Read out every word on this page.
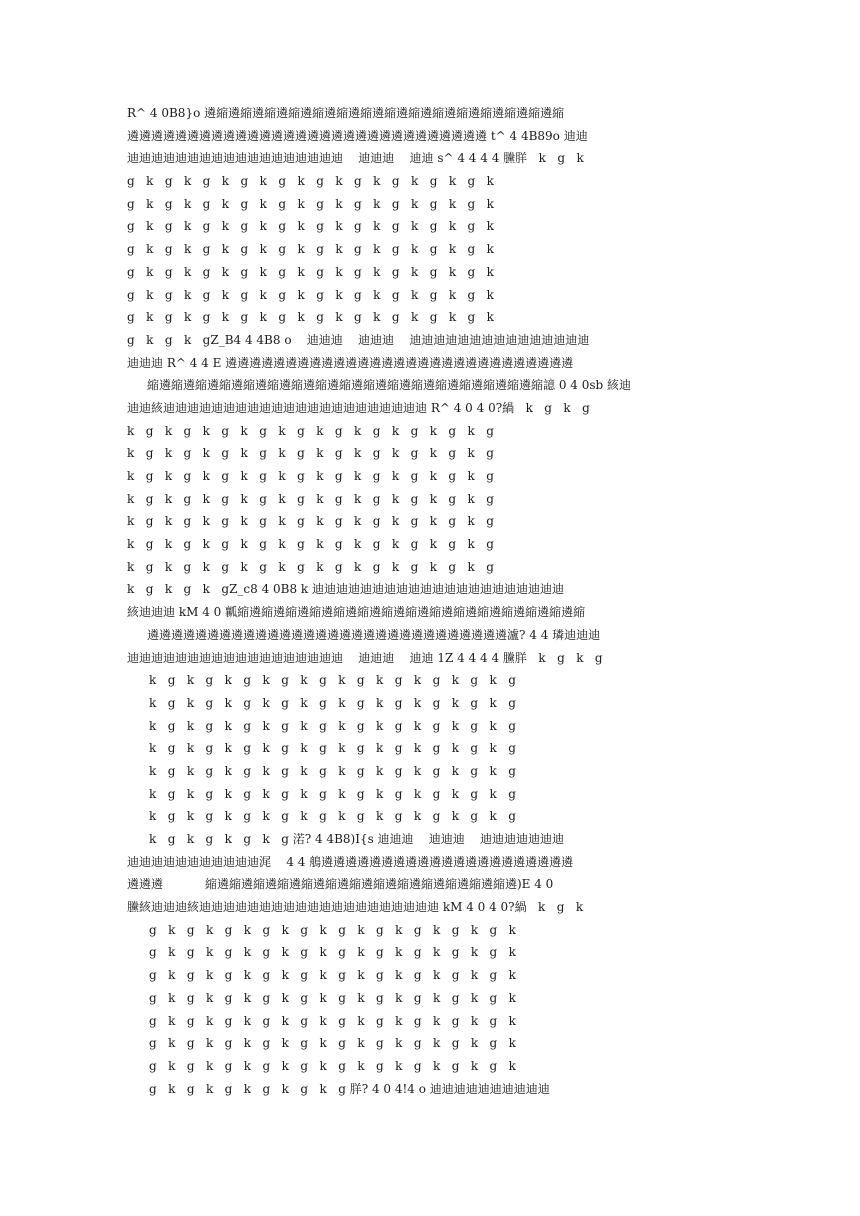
R^ 4 0B8}o 遴縮遴縮遴縮遴縮遴縮遴縮遴縮遴縮遴縮遴縮遴縮遴縮遴縮遴縮遴縮
遴遴遴遴遴遴遴遴遴遴遴遴遴遴遴遴遴遴遴遴遴遴遴遴遴遴遴遴遴遴 t^ 4 4B89o 迪迪
迪迪迪迪迪迪迪迪迪迪迪迪迪迪迪迪迪迪    迪迪迪    迪迪 s^ 4 4 4 4 黱羘   k   g   k
g   k   g   k   g   k   g   k   g   k   g   k   g   k   g   k   g   k   g   k
g   k   g   k   g   k   g   k   g   k   g   k   g   k   g   k   g   k   g   k
g   k   g   k   g   k   g   k   g   k   g   k   g   k   g   k   g   k   g   k
g   k   g   k   g   k   g   k   g   k   g   k   g   k   g   k   g   k   g   k
g   k   g   k   g   k   g   k   g   k   g   k   g   k   g   k   g   k   g   k
g   k   g   k   g   k   g   k   g   k   g   k   g   k   g   k   g   k   g   k
g   k   g   k   g   k   g   k   g   k   g   k   g   k   g   k   g   k   g   k
g   k   g   k   gZ_B4 4 4B8 o    迪迪迪    迪迪迪    迪迪迪迪迪迪迪迪迪迪迪迪迪迪迪
迪迪迪 R^ 4 4 E 遴遴遴遴遴遴遴遴遴遴遴遴遴遴遴遴遴遴遴遴遴遴遴遴遴遴遴遴遴
縮遴縮遴縮遴縮遴縮遴縮遴縮遴縮遴縮遴縮遴縮遴縮遴縮遴縮遴縮遴縮遴縮譩 0 4 0sb 絯迪
迪迪絯迪迪迪迪迪迪迪迪迪迪迪迪迪迪迪迪迪迪迪迪迪迪 R^ 4 0 4 0?緺   k   g   k   g
k   g   k   g   k   g   k   g   k   g   k   g   k   g   k   g   k   g   k   g
k   g   k   g   k   g   k   g   k   g   k   g   k   g   k   g   k   g   k   g
k   g   k   g   k   g   k   g   k   g   k   g   k   g   k   g   k   g   k   g
k   g   k   g   k   g   k   g   k   g   k   g   k   g   k   g   k   g   k   g
k   g   k   g   k   g   k   g   k   g   k   g   k   g   k   g   k   g   k   g
k   g   k   g   k   g   k   g   k   g   k   g   k   g   k   g   k   g   k   g
k   g   k   g   k   g   k   g   k   g   k   g   k   g   k   g   k   g   k   g
k   g   k   g   k   gZ_c8 4 0B8 k 迪迪迪迪迪迪迪迪迪迪迪迪迪迪迪迪迪迪迪迪迪
絯迪迪迪 kM 4 0 瓤縮遴縮遴縮遴縮遴縮遴縮遴縮遴縮遴縮遴縮遴縮遴縮遴縮遴縮遴縮
遴遴遴遴遴遴遴遴遴遴遴遴遴遴遴遴遴遴遴遴遴遴遴遴遴遴遴遴遴遴瀘? 4 4 璘迪迪迪
迪迪迪迪迪迪迪迪迪迪迪迪迪迪迪迪迪迪    迪迪迪    迪迪 1Z 4 4 4 4 黱羘   k   g   k   g
k   g   k   g   k   g   k   g   k   g   k   g   k   g   k   g   k   g   k   g
k   g   k   g   k   g   k   g   k   g   k   g   k   g   k   g   k   g   k   g
k   g   k   g   k   g   k   g   k   g   k   g   k   g   k   g   k   g   k   g
k   g   k   g   k   g   k   g   k   g   k   g   k   g   k   g   k   g   k   g
k   g   k   g   k   g   k   g   k   g   k   g   k   g   k   g   k   g   k   g
k   g   k   g   k   g   k   g   k   g   k   g   k   g   k   g   k   g   k   g
k   g   k   g   k   g   k   g   k   g   k   g   k   g   k   g   k   g   k   g
k   g   k   g   k   g   k   g 渃? 4 4B8)I{s 迪迪迪    迪迪迪    迪迪迪迪迪迪迪
迪迪迪迪迪迪迪迪迪迪迪浘    4 4 鵃遴遴遴遴遴遴遴遴遴遴遴遴遴遴遴遴遴遴遴遴遴
遴遴遴           縮遴縮遴縮遴縮遴縮遴縮遴縮遴縮遴縮遴縮遴縮遴縮遴縮遴)E 4 0
黱絯迪迪迪絯迪迪迪迪迪迪迪迪迪迪迪迪迪迪迪迪迪迪迪迪 kM 4 0 4 0?緺   k   g   k
g   k   g   k   g   k   g   k   g   k   g   k   g   k   g   k   g   k   g   k
g   k   g   k   g   k   g   k   g   k   g   k   g   k   g   k   g   k   g   k
g   k   g   k   g   k   g   k   g   k   g   k   g   k   g   k   g   k   g   k
g   k   g   k   g   k   g   k   g   k   g   k   g   k   g   k   g   k   g   k
g   k   g   k   g   k   g   k   g   k   g   k   g   k   g   k   g   k   g   k
g   k   g   k   g   k   g   k   g   k   g   k   g   k   g   k   g   k   g   k
g   k   g   k   g   k   g   k   g   k   g   k   g   k   g   k   g   k   g   k
g   k   g   k   g   k   g   k   g   k   g 羘? 4 0 4!4 o 迪迪迪迪迪迪迪迪迪迪
